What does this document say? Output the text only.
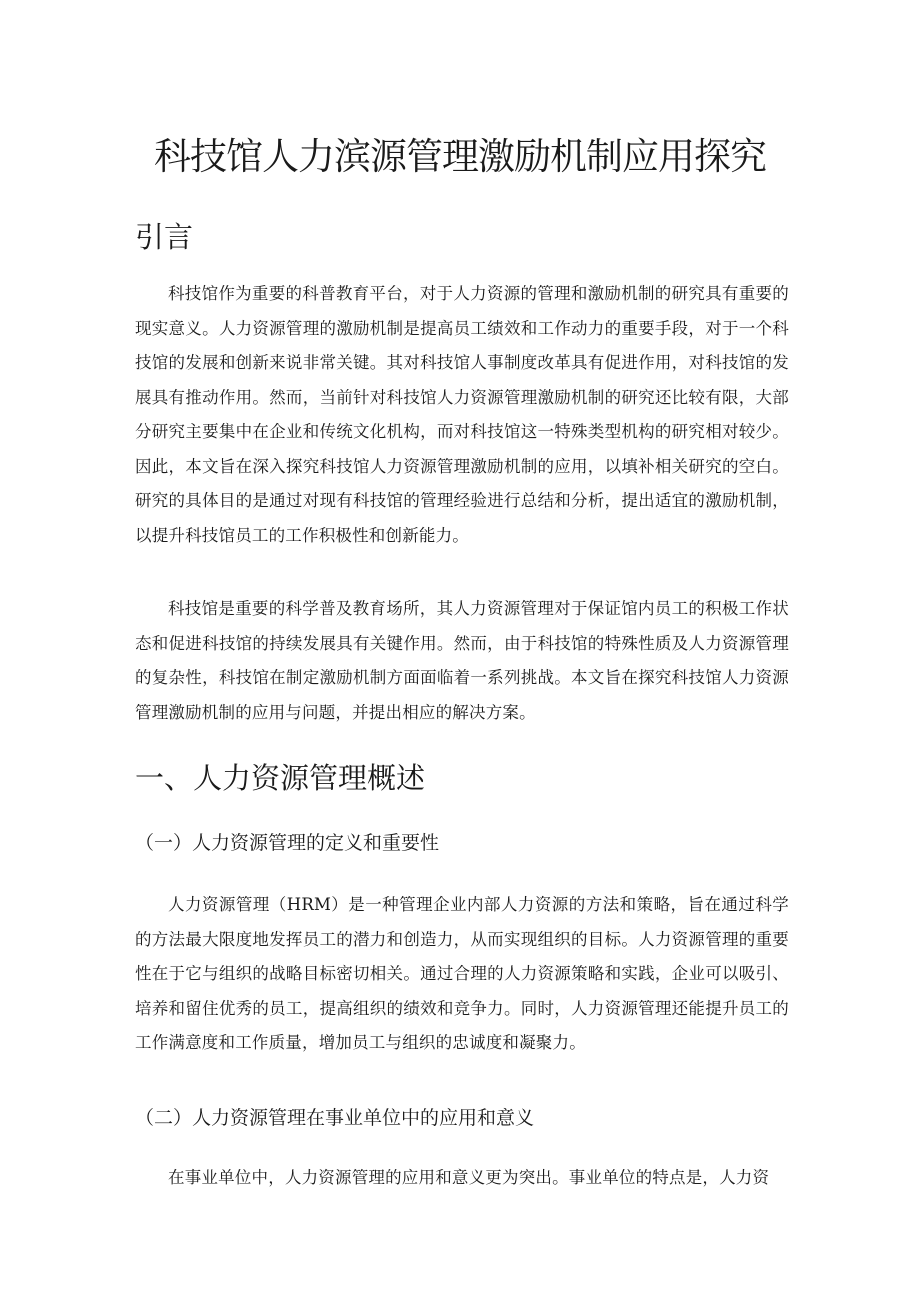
科技馆人力滨源管理激励机制应用探究
引言

科技馆作为重要的科普教育平台，对于人力资源的管理和激励机制的研究具有重要的现实意义。人力资源管理的激励机制是提高员工绩效和工作动力的重要手段，对于一个科技馆的发展和创新来说非常关键。其对科技馆人事制度改革具有促进作用，对科技馆的发展具有推动作用。然而，当前针对科技馆人力资源管理激励机制的研究还比较有限，大部分研究主要集中在企业和传统文化机构，而对科技馆这一特殊类型机构的研究相对较少。因此，本文旨在深入探究科技馆人力资源管理激励机制的应用，以填补相关研究的空白。研究的具体目的是通过对现有科技馆的管理经验进行总结和分析，提出适宜的激励机制，以提升科技馆员工的工作积极性和创新能力。

科技馆是重要的科学普及教育场所，其人力资源管理对于保证馆内员工的积极工作状态和促进科技馆的持续发展具有关键作用。然而，由于科技馆的特殊性质及人力资源管理的复杂性，科技馆在制定激励机制方面面临着一系列挑战。本文旨在探究科技馆人力资源管理激励机制的应用与问题，并提出相应的解决方案。

一、人力资源管理概述
（一）人力资源管理的定义和重要性

人力资源管理（HRM）是一种管理企业内部人力资源的方法和策略，旨在通过科学的方法最大限度地发挥员工的潜力和创造力，从而实现组织的目标。人力资源管理的重要性在于它与组织的战略目标密切相关。通过合理的人力资源策略和实践，企业可以吸引、培养和留住优秀的员工，提高组织的绩效和竞争力。同时，人力资源管理还能提升员工的工作满意度和工作质量，增加员工与组织的忠诚度和凝聚力。

（二）人力资源管理在事业单位中的应用和意义

在事业单位中，人力资源管理的应用和意义更为突出。事业单位的特点是，人力资
